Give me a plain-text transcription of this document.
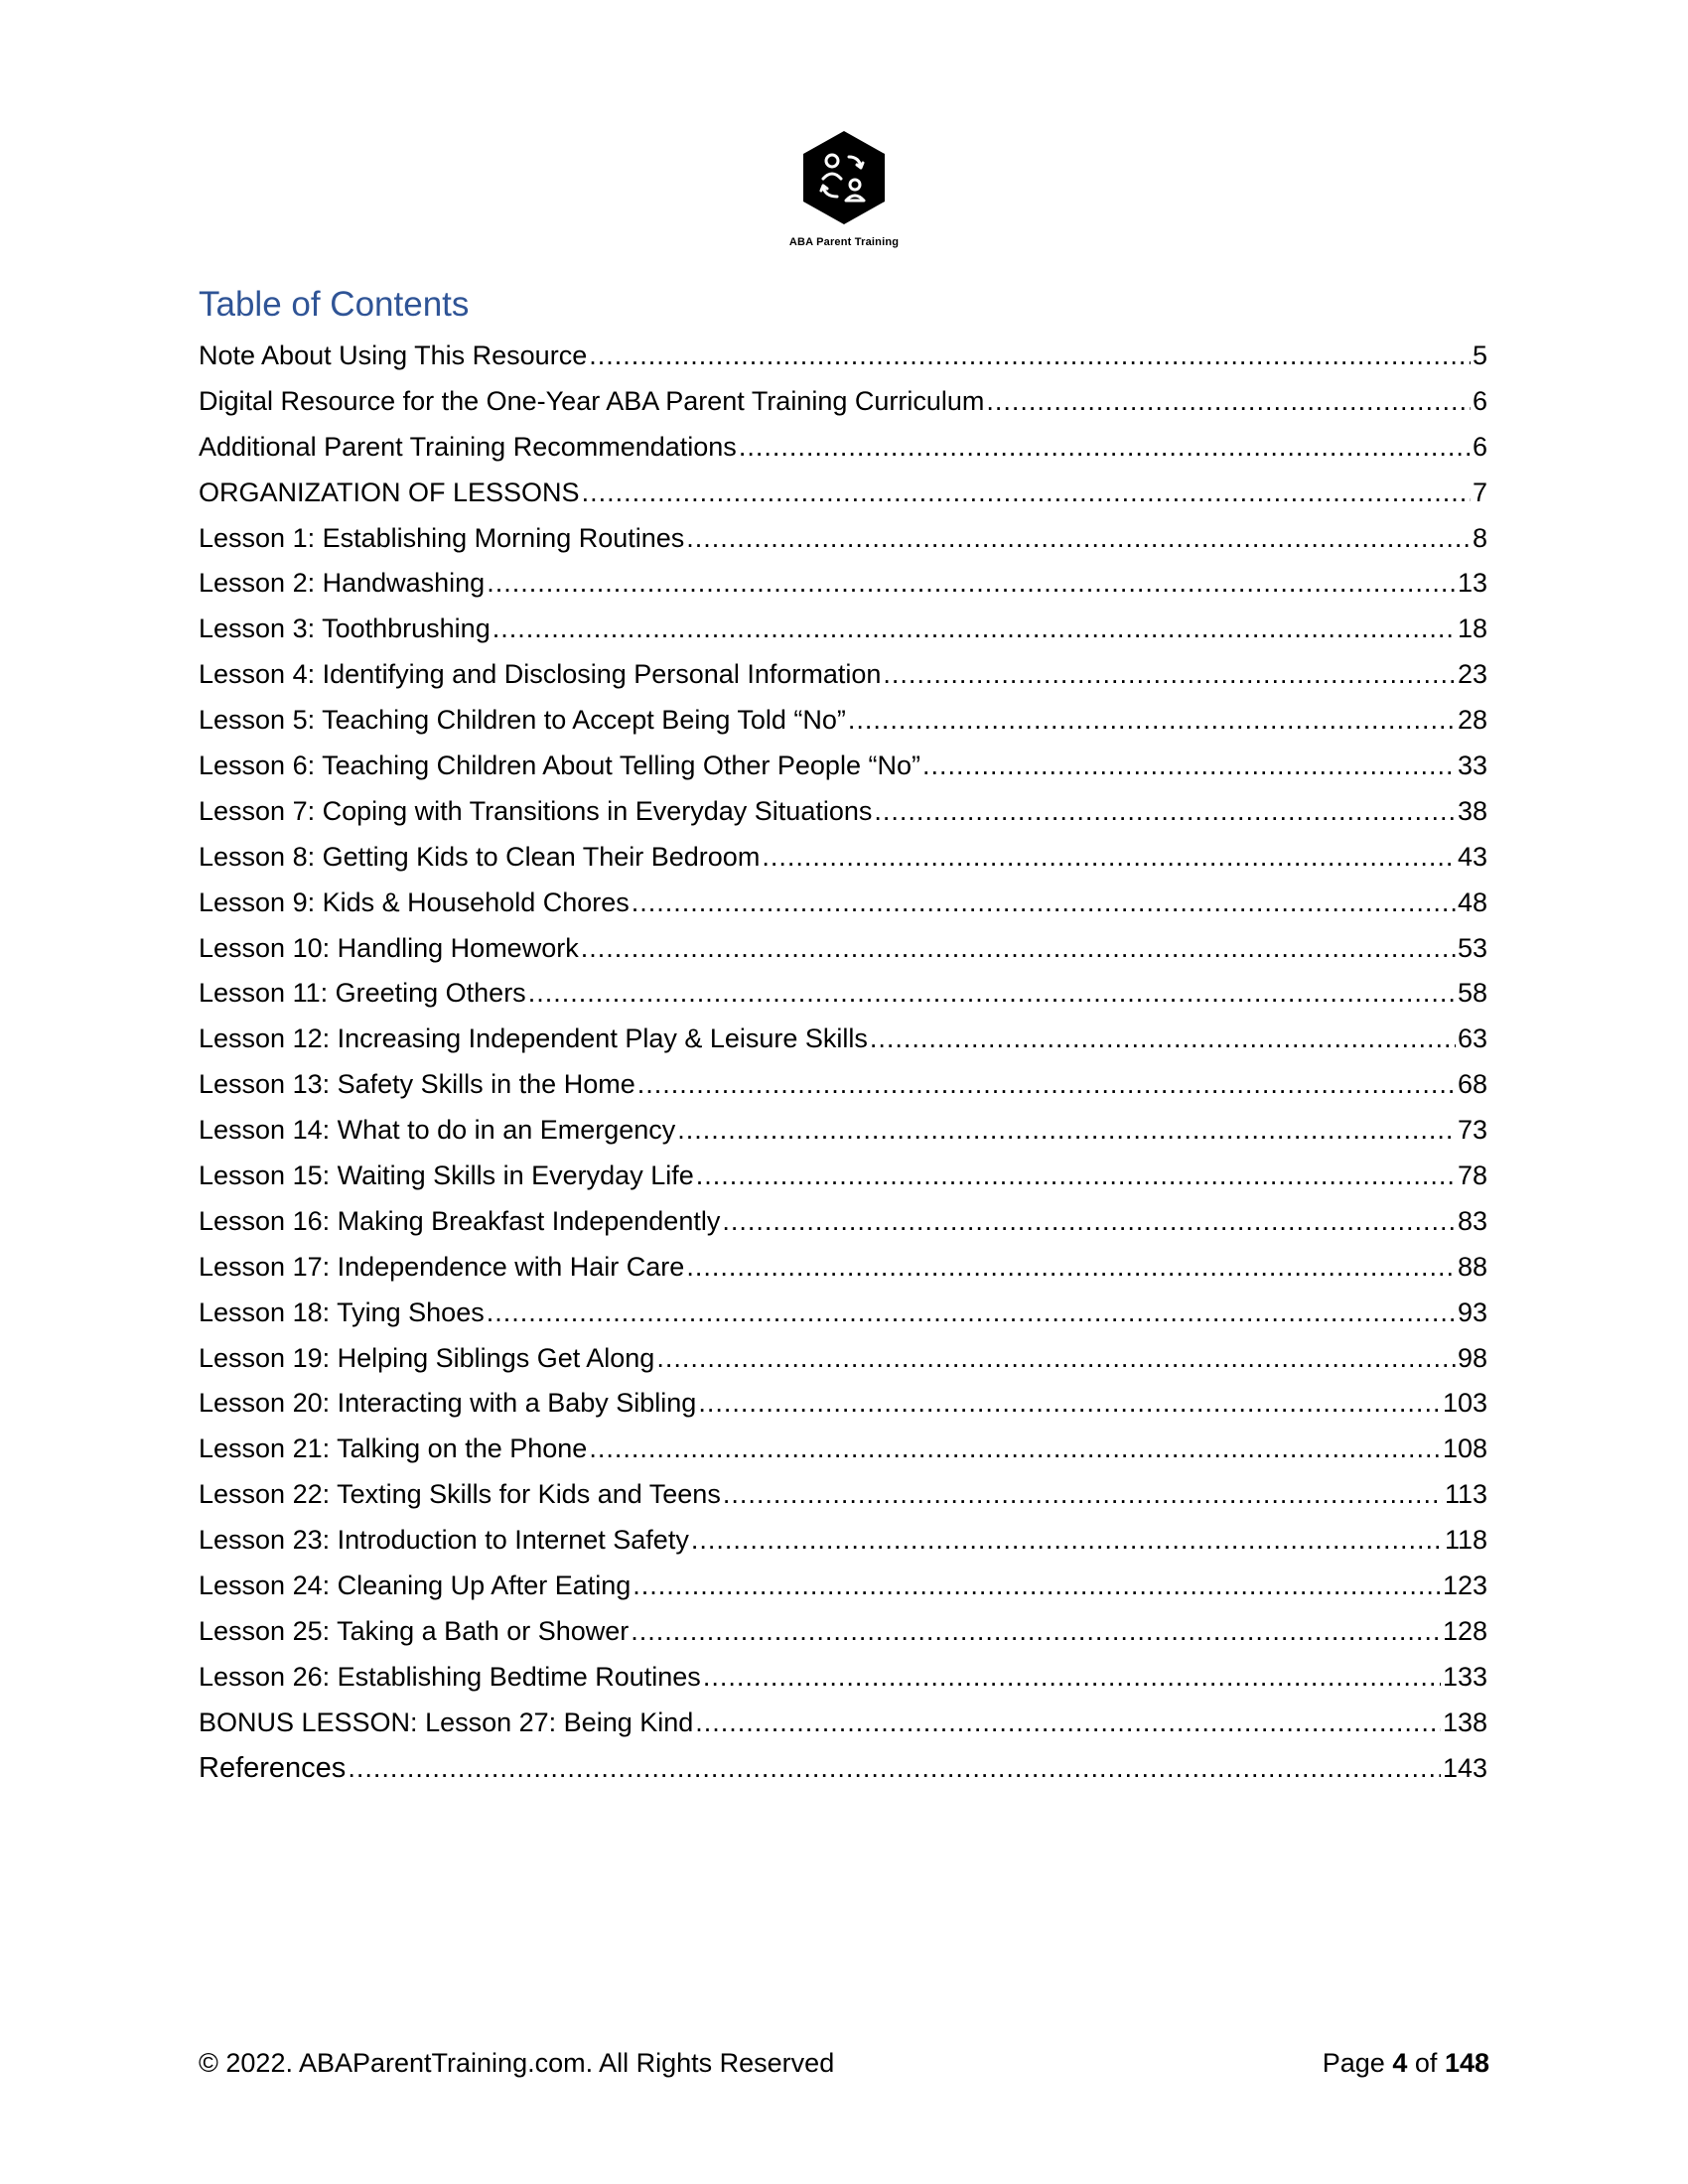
ABA Parent Training
Table of Contents
Note About Using This Resource .....	5
Digital Resource for the One-Year ABA Parent Training Curriculum .....	6
Additional Parent Training Recommendations .....	6
ORGANIZATION OF LESSONS .....	7
Lesson 1: Establishing Morning Routines .....	8
Lesson 2: Handwashing .....	13
Lesson 3: Toothbrushing .....	18
Lesson 4: Identifying and Disclosing Personal Information .....	23
Lesson 5: Teaching Children to Accept Being Told “No” .....	28
Lesson 6: Teaching Children About Telling Other People “No” .....	33
Lesson 7: Coping with Transitions in Everyday Situations .....	38
Lesson 8: Getting Kids to Clean Their Bedroom .....	43
Lesson 9: Kids & Household Chores .....	48
Lesson 10: Handling Homework .....	53
Lesson 11: Greeting Others .....	58
Lesson 12: Increasing Independent Play & Leisure Skills .....	63
Lesson 13: Safety Skills in the Home .....	68
Lesson 14: What to do in an Emergency .....	73
Lesson 15: Waiting Skills in Everyday Life .....	78
Lesson 16: Making Breakfast Independently .....	83
Lesson 17: Independence with Hair Care .....	88
Lesson 18: Tying Shoes .....	93
Lesson 19: Helping Siblings Get Along .....	98
Lesson 20: Interacting with a Baby Sibling .....	103
Lesson 21: Talking on the Phone .....	108
Lesson 22: Texting Skills for Kids and Teens .....	113
Lesson 23: Introduction to Internet Safety .....	118
Lesson 24: Cleaning Up After Eating .....	123
Lesson 25: Taking a Bath or Shower .....	128
Lesson 26: Establishing Bedtime Routines .....	133
BONUS LESSON: Lesson 27: Being Kind .....	138
References .....	143
© 2022. ABAParentTraining.com. All Rights Reserved	Page 4 of 148
